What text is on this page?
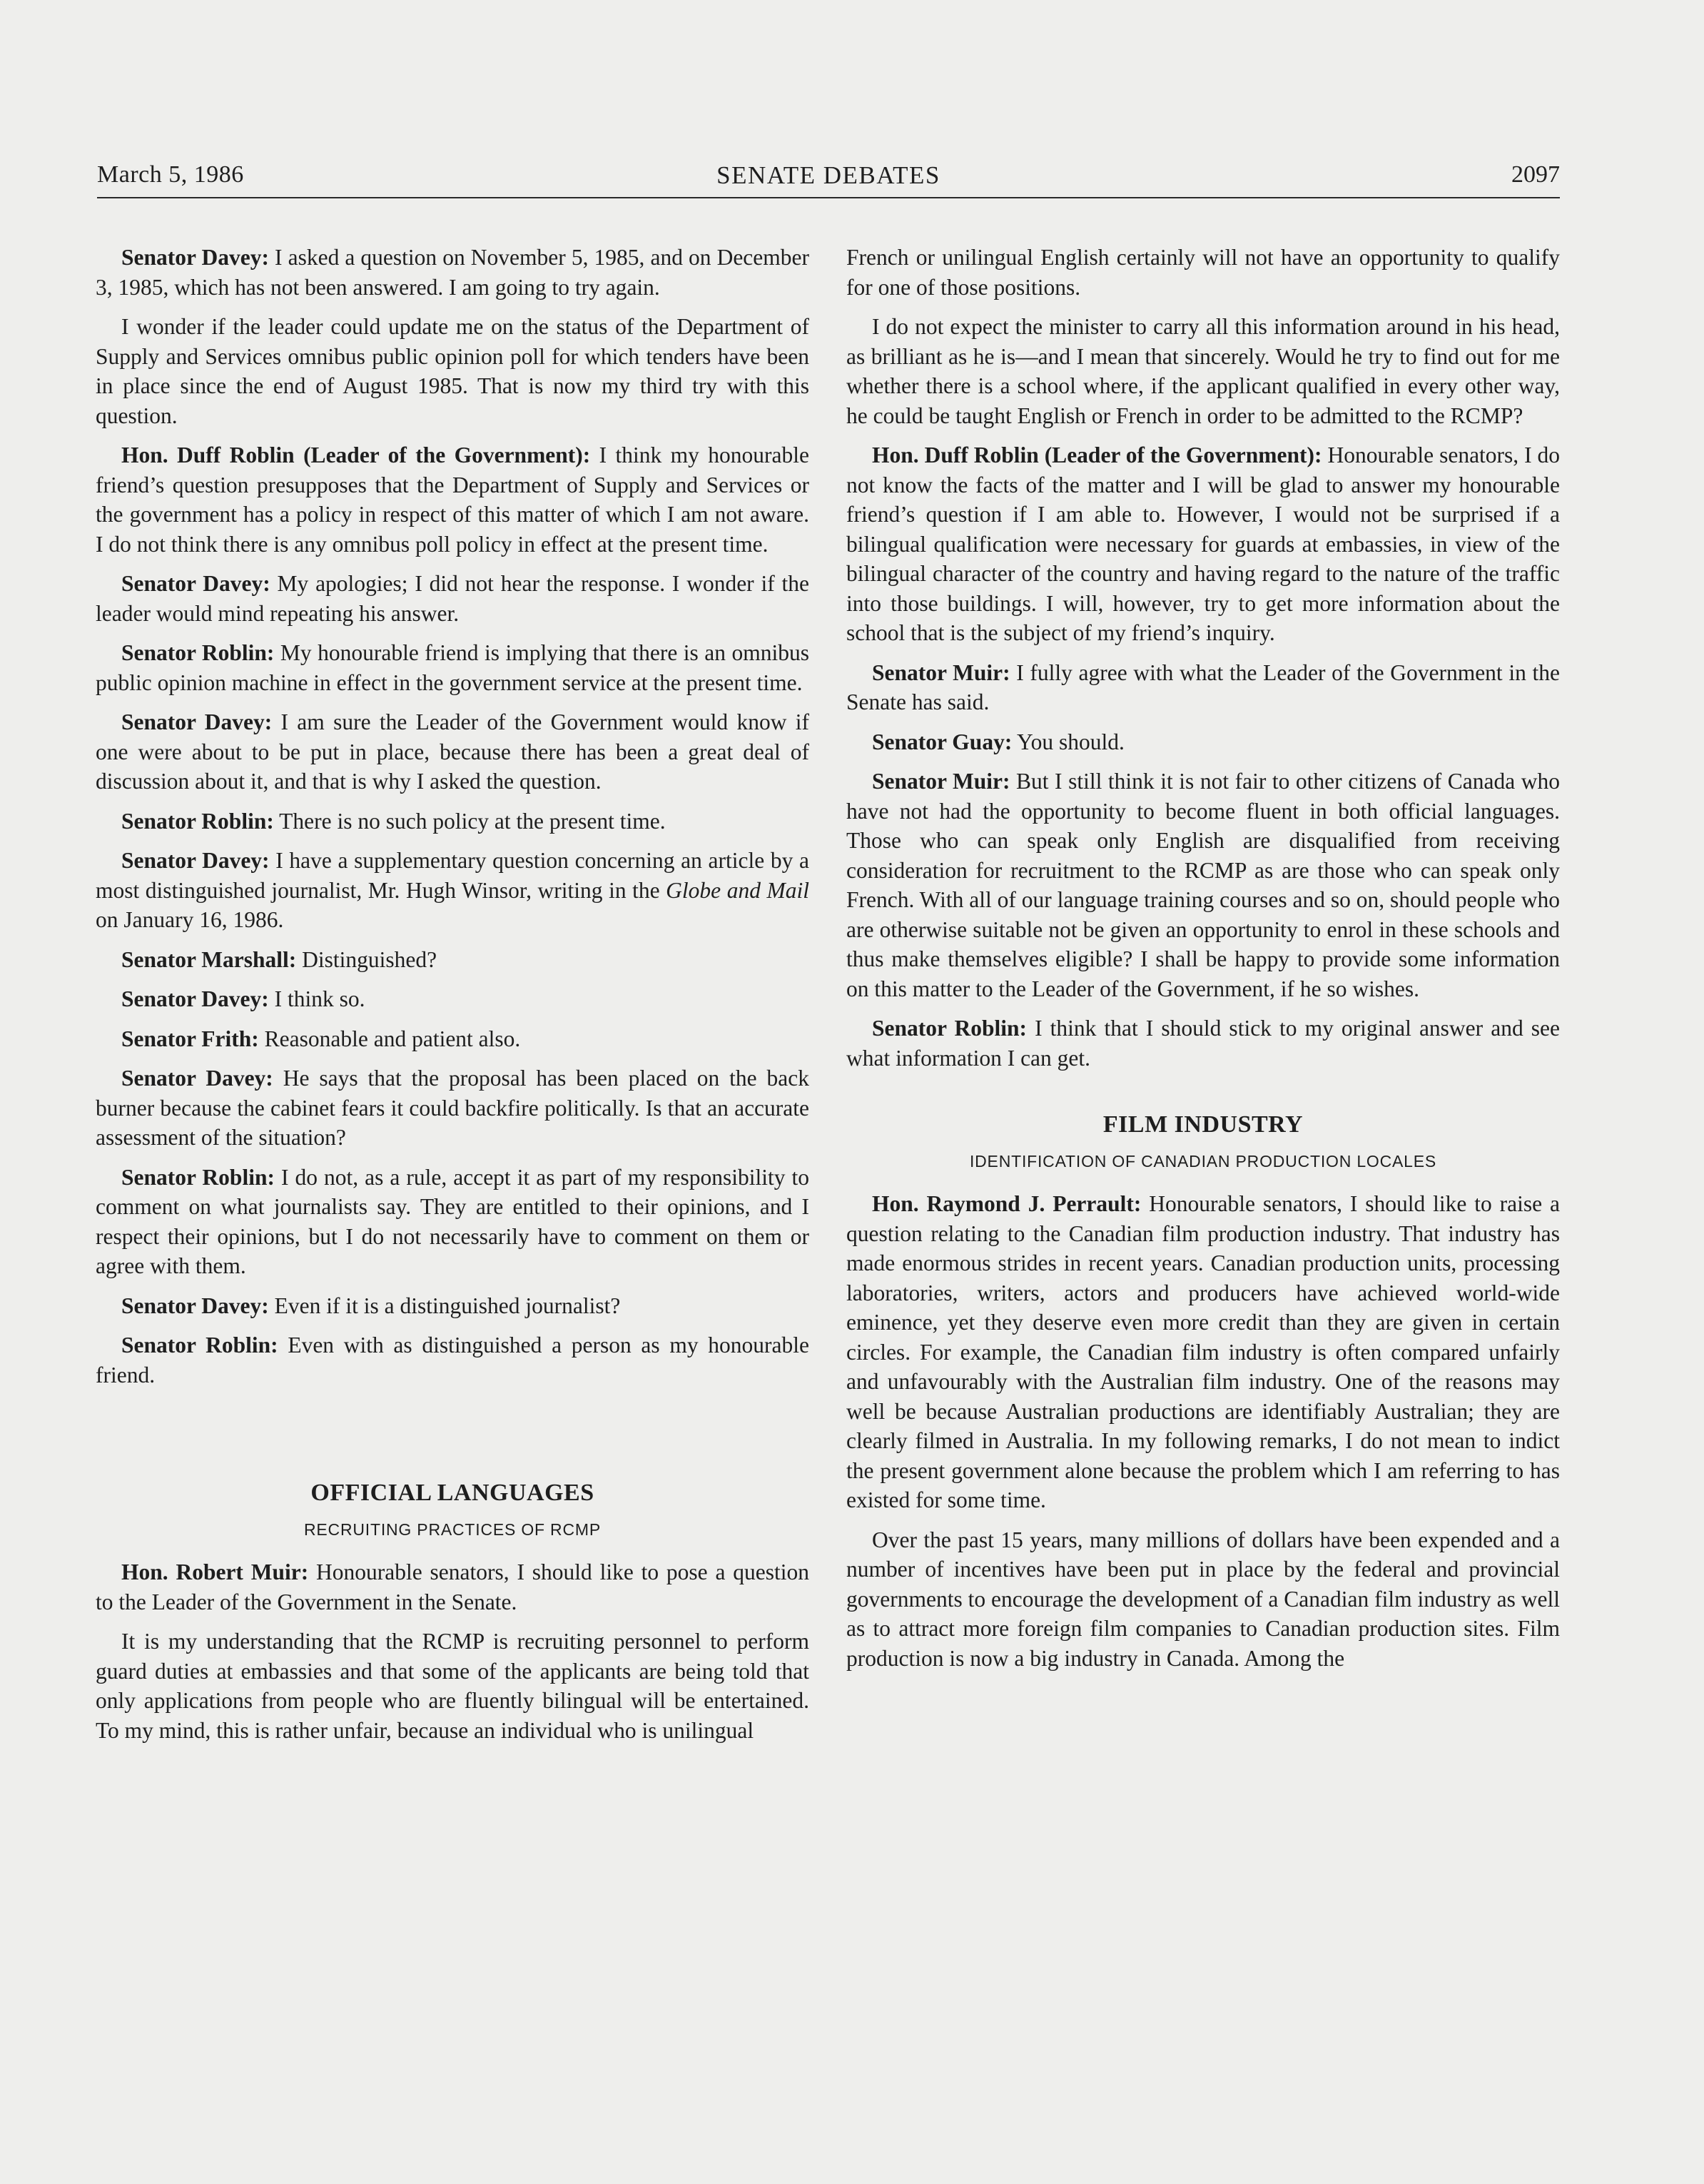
March 5, 1986	SENATE DEBATES	2097

Senator Davey: I asked a question on November 5, 1985, and on December 3, 1985, which has not been answered. I am going to try again.

I wonder if the leader could update me on the status of the Department of Supply and Services omnibus public opinion poll for which tenders have been in place since the end of August 1985. That is now my third try with this question.

Hon. Duff Roblin (Leader of the Government): I think my honourable friend’s question presupposes that the Department of Supply and Services or the government has a policy in respect of this matter of which I am not aware. I do not think there is any omnibus poll policy in effect at the present time.

Senator Davey: My apologies; I did not hear the response. I wonder if the leader would mind repeating his answer.

Senator Roblin: My honourable friend is implying that there is an omnibus public opinion machine in effect in the government service at the present time.

Senator Davey: I am sure the Leader of the Government would know if one were about to be put in place, because there has been a great deal of discussion about it, and that is why I asked the question.

Senator Roblin: There is no such policy at the present time.

Senator Davey: I have a supplementary question concerning an article by a most distinguished journalist, Mr. Hugh Winsor, writing in the Globe and Mail on January 16, 1986.

Senator Marshall: Distinguished?

Senator Davey: I think so.

Senator Frith: Reasonable and patient also.

Senator Davey: He says that the proposal has been placed on the back burner because the cabinet fears it could backfire politically. Is that an accurate assessment of the situation?

Senator Roblin: I do not, as a rule, accept it as part of my responsibility to comment on what journalists say. They are entitled to their opinions, and I respect their opinions, but I do not necessarily have to comment on them or agree with them.

Senator Davey: Even if it is a distinguished journalist?

Senator Roblin: Even with as distinguished a person as my honourable friend.

OFFICIAL LANGUAGES
RECRUITING PRACTICES OF RCMP

Hon. Robert Muir: Honourable senators, I should like to pose a question to the Leader of the Government in the Senate.

It is my understanding that the RCMP is recruiting personnel to perform guard duties at embassies and that some of the applicants are being told that only applications from people who are fluently bilingual will be entertained. To my mind, this is rather unfair, because an individual who is unilingual

French or unilingual English certainly will not have an opportunity to qualify for one of those positions.

I do not expect the minister to carry all this information around in his head, as brilliant as he is—and I mean that sincerely. Would he try to find out for me whether there is a school where, if the applicant qualified in every other way, he could be taught English or French in order to be admitted to the RCMP?

Hon. Duff Roblin (Leader of the Government): Honourable senators, I do not know the facts of the matter and I will be glad to answer my honourable friend’s question if I am able to. However, I would not be surprised if a bilingual qualification were necessary for guards at embassies, in view of the bilingual character of the country and having regard to the nature of the traffic into those buildings. I will, however, try to get more information about the school that is the subject of my friend’s inquiry.

Senator Muir: I fully agree with what the Leader of the Government in the Senate has said.

Senator Guay: You should.

Senator Muir: But I still think it is not fair to other citizens of Canada who have not had the opportunity to become fluent in both official languages. Those who can speak only English are disqualified from receiving consideration for recruitment to the RCMP as are those who can speak only French. With all of our language training courses and so on, should people who are otherwise suitable not be given an opportunity to enrol in these schools and thus make themselves eligible? I shall be happy to provide some information on this matter to the Leader of the Government, if he so wishes.

Senator Roblin: I think that I should stick to my original answer and see what information I can get.

FILM INDUSTRY
IDENTIFICATION OF CANADIAN PRODUCTION LOCALES

Hon. Raymond J. Perrault: Honourable senators, I should like to raise a question relating to the Canadian film production industry. That industry has made enormous strides in recent years. Canadian production units, processing laboratories, writers, actors and producers have achieved world-wide eminence, yet they deserve even more credit than they are given in certain circles. For example, the Canadian film industry is often compared unfairly and unfavourably with the Australian film industry. One of the reasons may well be because Australian productions are identifiably Australian; they are clearly filmed in Australia. In my following remarks, I do not mean to indict the present government alone because the problem which I am referring to has existed for some time.

Over the past 15 years, many millions of dollars have been expended and a number of incentives have been put in place by the federal and provincial governments to encourage the development of a Canadian film industry as well as to attract more foreign film companies to Canadian production sites. Film production is now a big industry in Canada. Among the
